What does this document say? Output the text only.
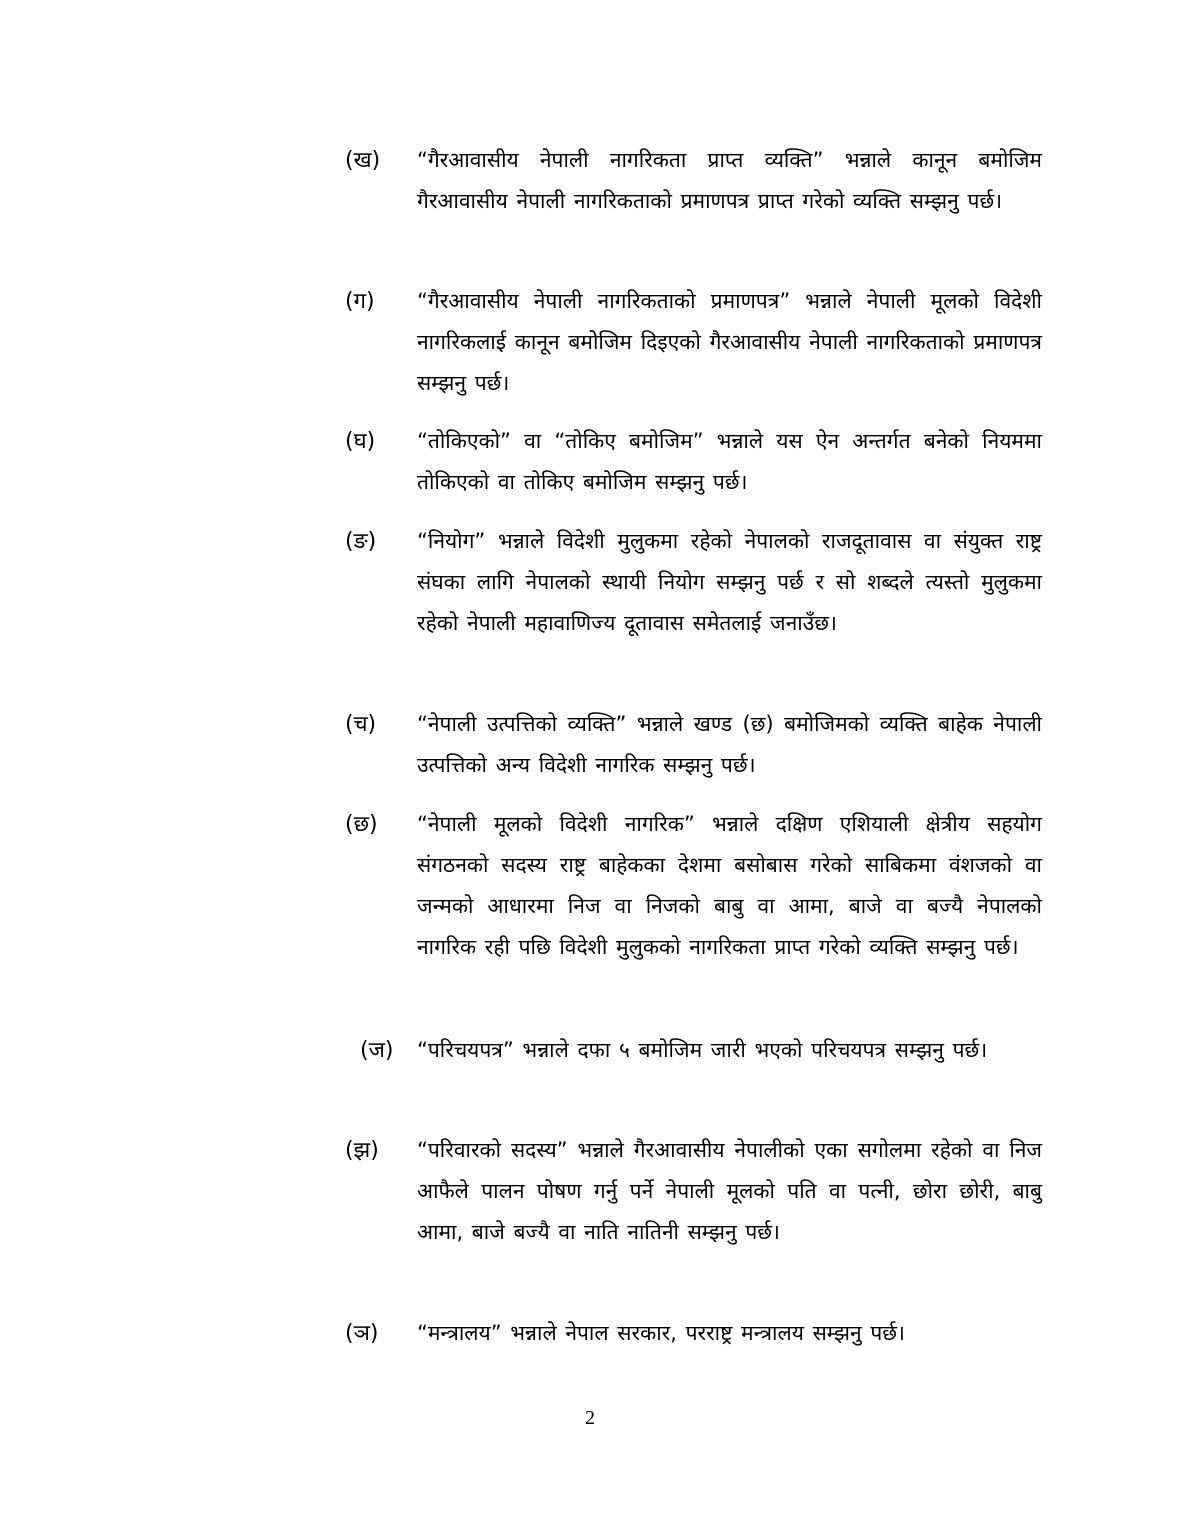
(ख) “गैरआवासीय नेपाली नागरिकता प्राप्त व्यक्ति” भन्नाले कानून बमोजिम गैरआवासीय नेपाली नागरिकताको प्रमाणपत्र प्राप्त गरेको व्यक्ति सम्झनु पर्छ।
(ग) “गैरआवासीय नेपाली नागरिकताको प्रमाणपत्र” भन्नाले नेपाली मूलको विदेशी नागरिकलाई कानून बमोेजिम दिइएको गैरआवासीय नेपाली नागरिकताको प्रमाणपत्र सम्झनु पर्छ।
(घ) “तोकिएको” वा “तोकिए बमोजिम” भन्नाले यस ऐन अन्तर्गत बनेको नियममा तोकिएको वा तोकिए बमोजिम सम्झनु पर्छ।
(ङ) “नियोग” भन्नाले विदेशी मुलुकमा रहेको नेपालको राजदूतावास वा संयुक्त राष्ट्र संघका लागि नेपालको स्थायी नियोग सम्झनु पर्छ र सो शब्दले त्यस्तो मुलुकमा रहेको नेपाली महावाणिज्य दूतावास समेतलाई जनाउँछ।
(च) “नेपाली उत्पत्तिको व्यक्ति” भन्नाले खण्ड (छ) बमोजिमको व्यक्ति बाहेक नेपाली उत्पत्तिको अन्य विदेशी नागरिक सम्झनु पर्छ।
(छ) “नेपाली मूलको विदेशी नागरिक” भन्नाले दक्षिण एशियाली क्षेत्रीय सहयोग संगठनको सदस्य राष्ट्र बाहेकका देशमा बसोबास गरेको साबिकमा वंशजको वा जन्मको आधारमा निज वा निजको बाबु वा आमा, बाजे वा बज्यै नेपालको नागरिक रही पछि विदेशी मुलुकको नागरिकता प्राप्त गरेको व्यक्ति सम्झनु पर्छ।
(ज) “परिचयपत्र” भन्नाले दफा ५ बमोजिम जारी भएको परिचयपत्र सम्झनु पर्छ।
(झ) “परिवारको सदस्य” भन्नाले गैरआवासीय नेपालीको एका सगोलमा रहेको वा निज आफैले पालन पोषण गर्नु पर्ने नेपाली मूलको पति वा पत्नी, छोरा छोरी, बाबु आमा, बाजे बज्यै वा नाति नातिनी सम्झनु पर्छ।
(ञ) “मन्त्रालय” भन्नाले नेपाल सरकार, परराष्ट्र मन्त्रालय सम्झनु पर्छ।
2
